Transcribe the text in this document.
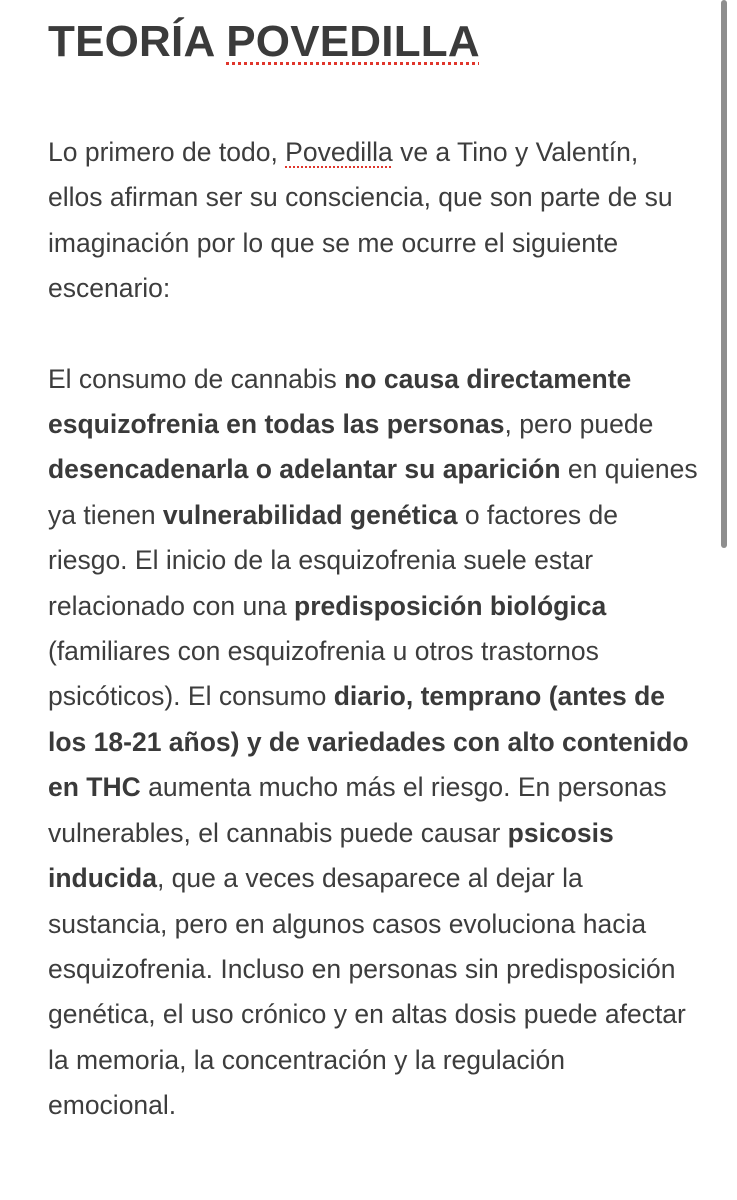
TEORÍA POVEDILLA

Lo primero de todo, Povedilla ve a Tino y Valentín, ellos afirman ser su consciencia, que son parte de su imaginación por lo que se me ocurre el siguiente escenario:

El consumo de cannabis no causa directamente esquizofrenia en todas las personas, pero puede desencadenarla o adelantar su aparición en quienes ya tienen vulnerabilidad genética o factores de riesgo. El inicio de la esquizofrenia suele estar relacionado con una predisposición biológica (familiares con esquizofrenia u otros trastornos psicóticos). El consumo diario, temprano (antes de los 18-21 años) y de variedades con alto contenido en THC aumenta mucho más el riesgo. En personas vulnerables, el cannabis puede causar psicosis inducida, que a veces desaparece al dejar la sustancia, pero en algunos casos evoluciona hacia esquizofrenia. Incluso en personas sin predisposición genética, el uso crónico y en altas dosis puede afectar la memoria, la concentración y la regulación emocional.
